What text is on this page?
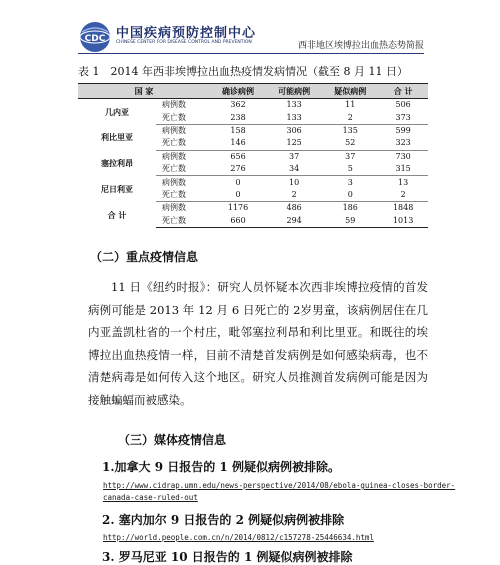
CDC 中国疾病预防控制中心
CHINESE CENTER FOR DISEASE CONTROL AND PREVENTION	西非地区埃博拉出血热态势简报
表 1　2014 年西非埃博拉出血热疫情发病情况（截至 8 月 11 日）
国 家		确诊病例	可能病例	疑似病例	合 计
几内亚	病例数	362	133	11	506
	死亡数	238	133	2	373
利比里亚	病例数	158	306	135	599
	死亡数	146	125	52	323
塞拉利昂	病例数	656	37	37	730
	死亡数	276	34	5	315
尼日利亚	病例数	0	10	3	13
	死亡数	0	2	0	2
合 计	病例数	1176	486	186	1848
	死亡数	660	294	59	1013
（二）重点疫情信息

11 日《纽约时报》：研究人员怀疑本次西非埃博拉疫情的首发病例可能是 2013 年 12 月 6 日死亡的 2岁男童，该病例居住在几内亚盖凯杜省的一个村庄，毗邻塞拉利昂和利比里亚。和既往的埃博拉出血热疫情一样，目前不清楚首发病例是如何感染病毒，也不清楚病毒是如何传入这个地区。研究人员推测首发病例可能是因为接触蝙蝠而被感染。

（三）媒体疫情信息
1.加拿大 9 日报告的 1 例疑似病例被排除。
http://www.cidrap.umn.edu/news-perspective/2014/08/ebola-guinea-closes-border-
canada-case-ruled-out
2. 塞内加尔 9 日报告的 2 例疑似病例被排除
http://world.people.com.cn/n/2014/0812/c157278-25446634.html
3. 罗马尼亚 10 日报告的 1 例疑似病例被排除
